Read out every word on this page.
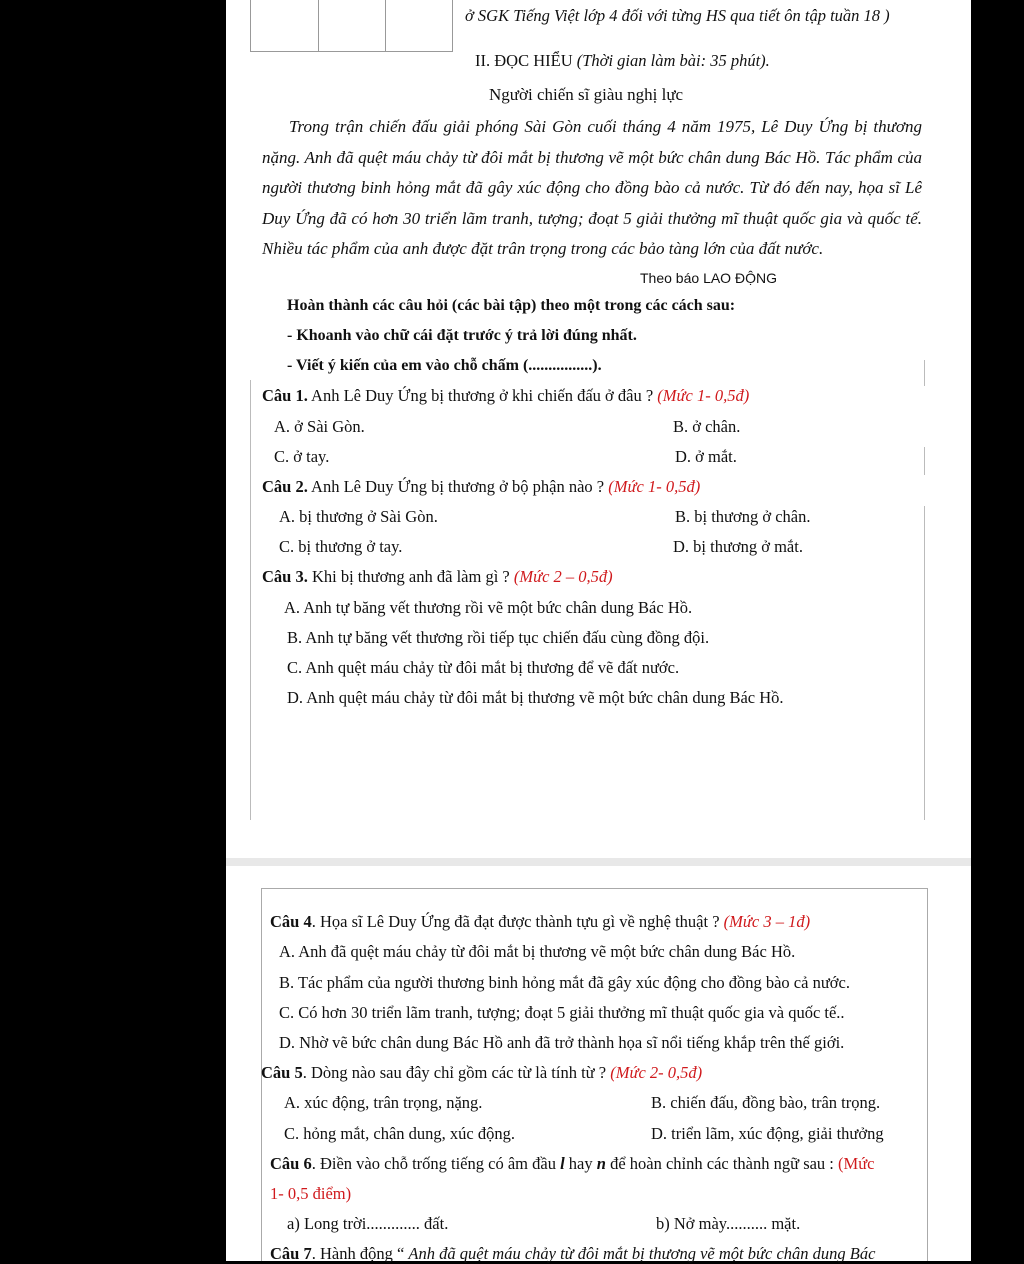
ở SGK Tiếng Việt lớp 4 đối với từng HS qua tiết ôn tập tuần 18 )
II. ĐỌC HIỂU (Thời gian làm bài: 35 phút).
Người chiến sĩ giàu nghị lực
Trong trận chiến đấu giải phóng Sài Gòn cuối tháng 4 năm 1975, Lê Duy Ứng bị thương nặng. Anh đã quệt máu chảy từ đôi mắt bị thương vẽ một bức chân dung Bác Hồ. Tác phẩm của người thương binh hỏng mắt đã gây xúc động cho đồng bào cả nước. Từ đó đến nay, họa sĩ Lê Duy Ứng đã có hơn 30 triển lãm tranh, tượng; đoạt 5 giải thưởng mĩ thuật quốc gia và quốc tế. Nhiều tác phẩm của anh được đặt trân trọng trong các bảo tàng lớn của đất nước.
Theo báo LAO ĐỘNG
Hoàn thành các câu hỏi (các bài tập) theo một trong các cách sau:
- Khoanh vào chữ cái đặt trước ý trả lời đúng nhất.
- Viết ý kiến của em vào chỗ chấm (................).
Câu 1. Anh Lê Duy Ứng bị thương ở khi chiến đấu ở đâu ? (Mức 1- 0,5đ)
A. ở Sài Gòn.	B. ở chân.
C. ở tay.	D. ở mắt.
Câu 2. Anh Lê Duy Ứng bị thương ở bộ phận nào ? (Mức 1- 0,5đ)
A. bị thương ở Sài Gòn.	B. bị thương ở chân.
C. bị thương ở tay.	D. bị thương ở mắt.
Câu 3. Khi bị thương anh đã làm gì ? (Mức 2 – 0,5đ)
A. Anh tự băng vết thương rồi vẽ một bức chân dung Bác Hồ.
B. Anh tự băng vết thương rồi tiếp tục chiến đấu cùng đồng đội.
C. Anh quệt máu chảy từ đôi mắt bị thương để vẽ đất nước.
D. Anh quệt máu chảy từ đôi mắt bị thương vẽ một bức chân dung Bác Hồ.
Câu 4. Họa sĩ Lê Duy Ứng đã đạt được thành tựu gì về nghệ thuật ? (Mức 3 – 1đ)
A. Anh đã quệt máu chảy từ đôi mắt bị thương vẽ một bức chân dung Bác Hồ.
B. Tác phẩm của người thương binh hỏng mắt đã gây xúc động cho đồng bào cả nước.
C. Có hơn 30 triển lãm tranh, tượng; đoạt 5 giải thưởng mĩ thuật quốc gia và quốc tế..
D. Nhờ vẽ bức chân dung Bác Hồ anh đã trở thành họa sĩ nổi tiếng khắp trên thế giới.
Câu 5. Dòng nào sau đây chỉ gồm các từ là tính từ ? (Mức 2- 0,5đ)
A. xúc động, trân trọng, nặng.	B. chiến đấu, đồng bào, trân trọng.
C. hỏng mắt, chân dung, xúc động.	D. triển lãm, xúc động, giải thưởng
Câu 6. Điền vào chỗ trống tiếng có âm đầu l hay n để hoàn chỉnh các thành ngữ sau : (Mức
1- 0,5 điểm)
a) Long trời............. đất.	b) Nở mày.......... mặt.
Câu 7. Hành động “ Anh đã quệt máu chảy từ đôi mắt bị thương vẽ một bức chân dung Bác
